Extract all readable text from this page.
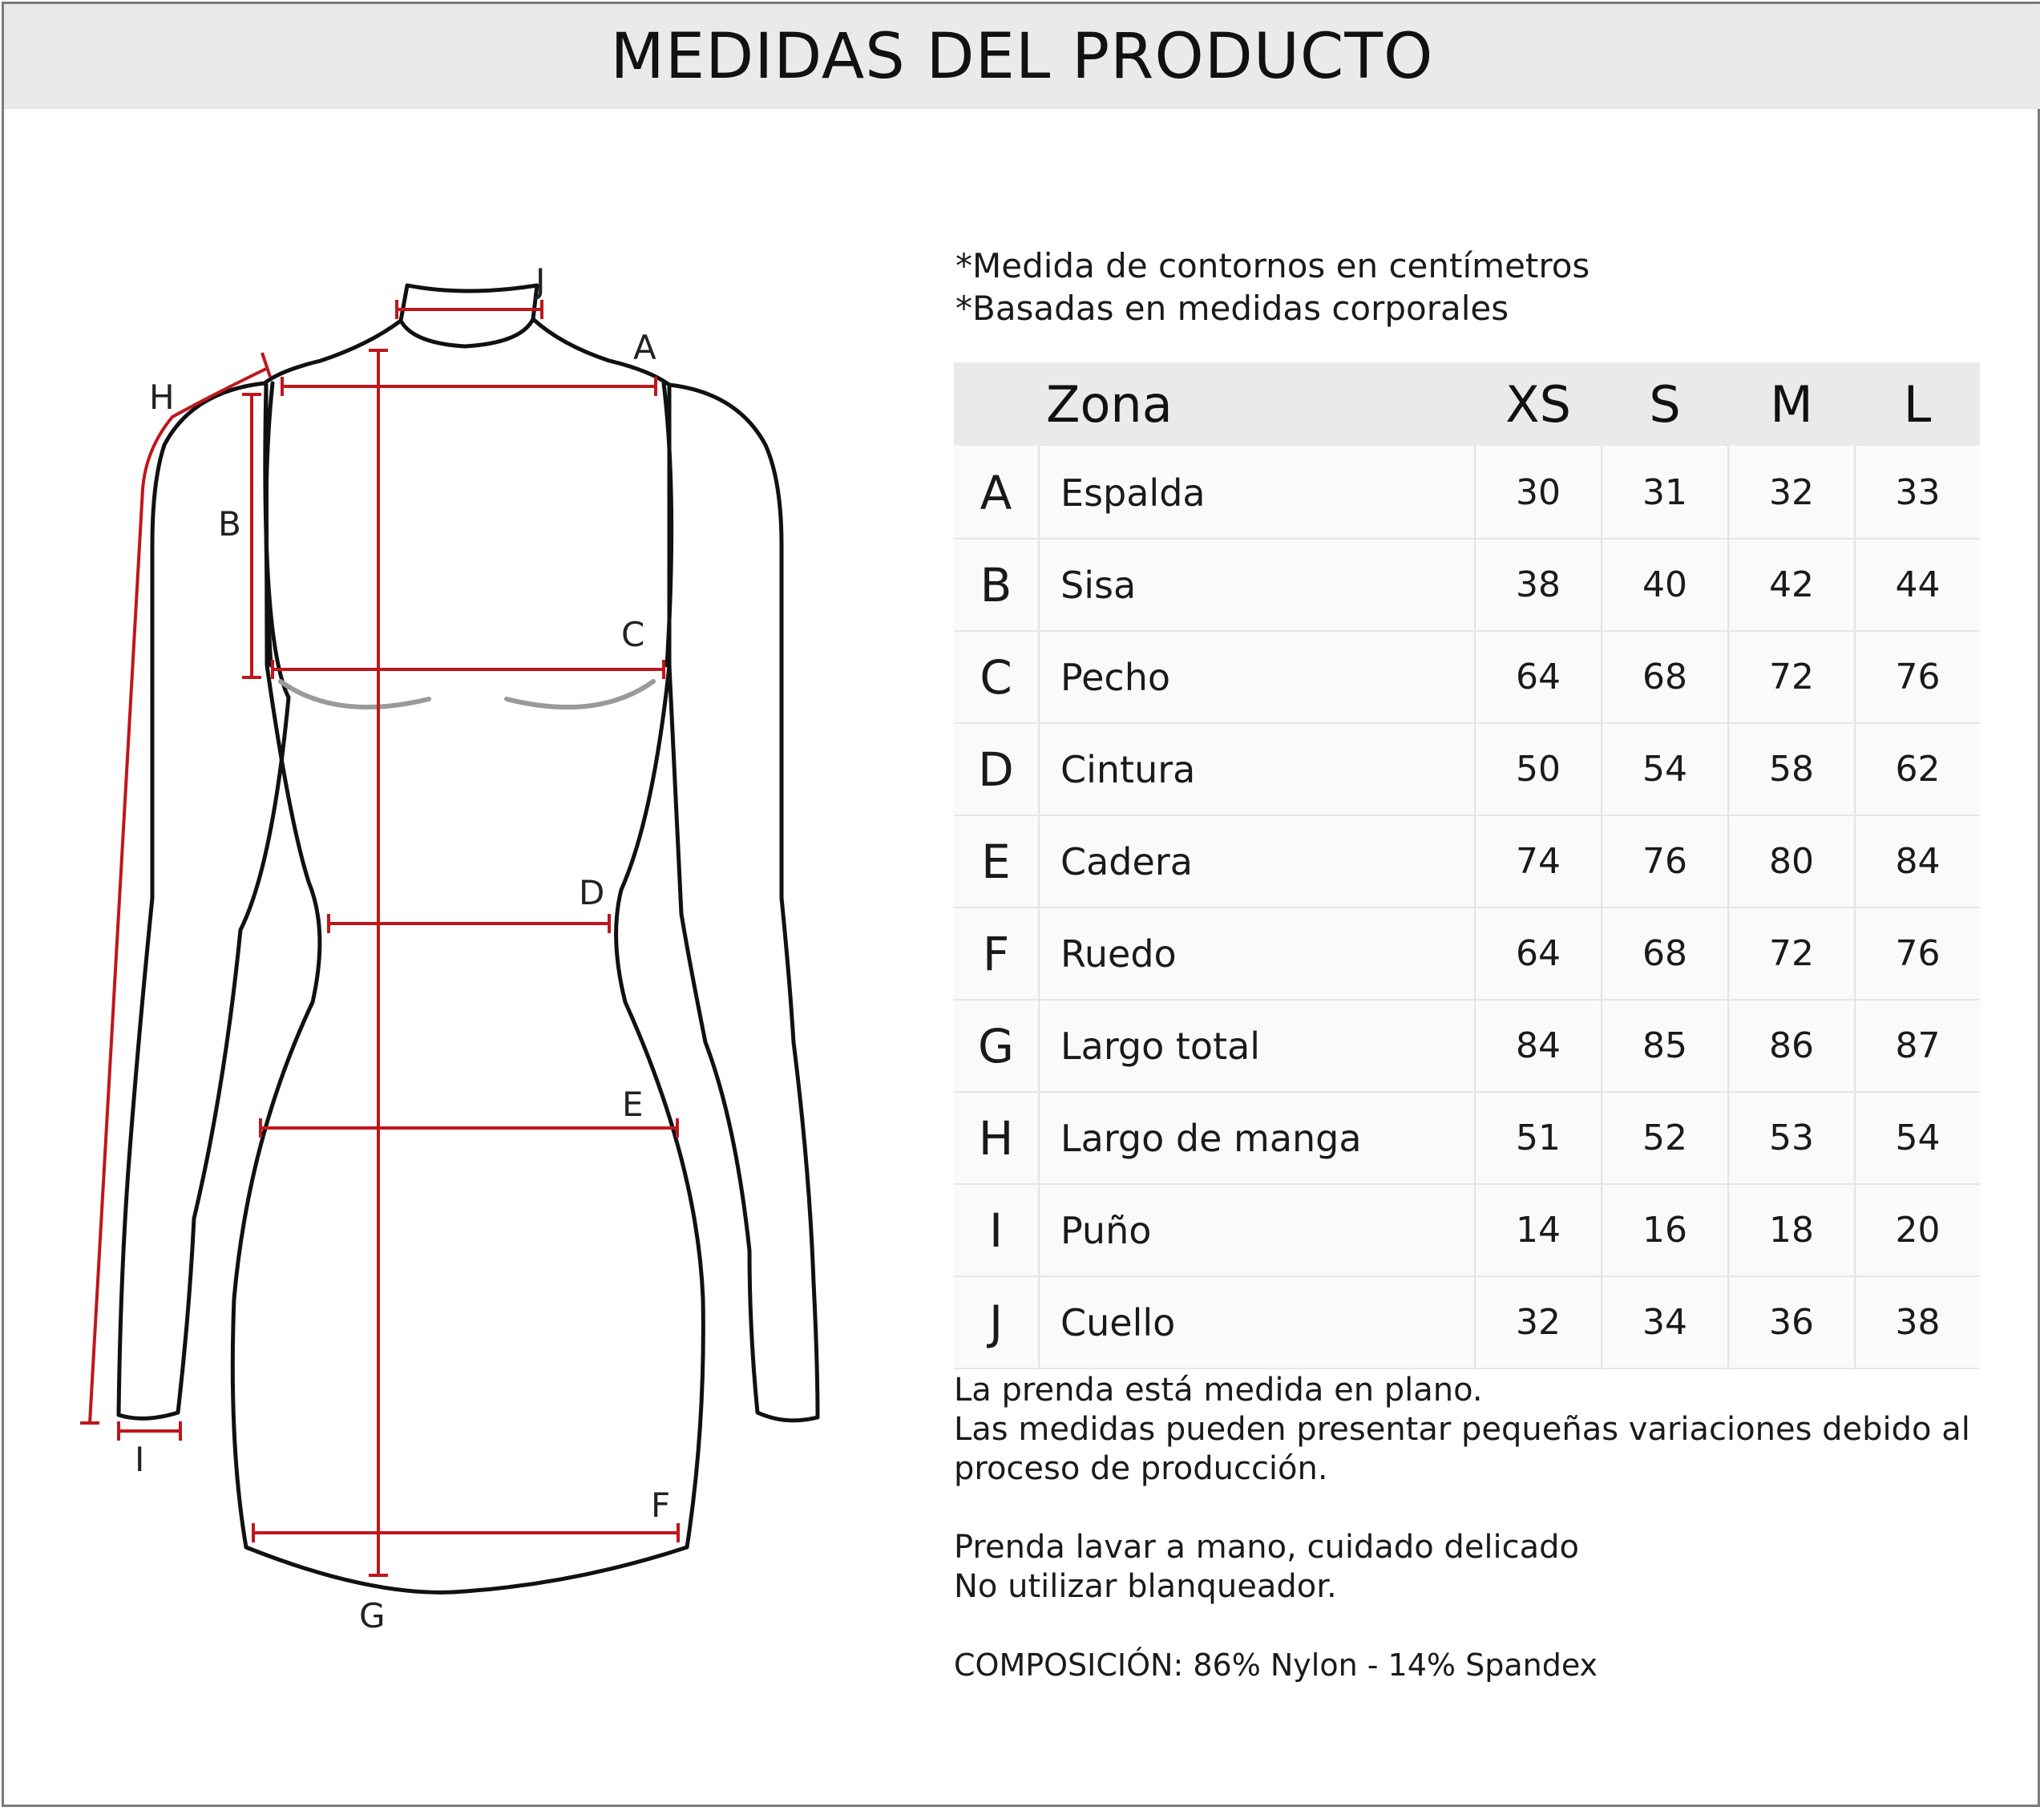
MEDIDAS DEL PRODUCTO
J
A
H
B
C
D
E
F
G
I
*Medida de contornos en centímetros
*Basadas en medidas corporales
Zona		XS	S	M	L
A	Espalda	30	31	32	33
B	Sisa	38	40	42	44
C	Pecho	64	68	72	76
D	Cintura	50	54	58	62
E	Cadera	74	76	80	84
F	Ruedo	64	68	72	76
G	Largo total	84	85	86	87
H	Largo de manga	51	52	53	54
I	Puño	14	16	18	20
J	Cuello	32	34	36	38
La prenda está medida en plano.
Las medidas pueden presentar pequeñas variaciones debido al
proceso de producción.
Prenda lavar a mano, cuidado delicado
No utilizar blanqueador.
COMPOSICIÓN: 86% Nylon - 14% Spandex
